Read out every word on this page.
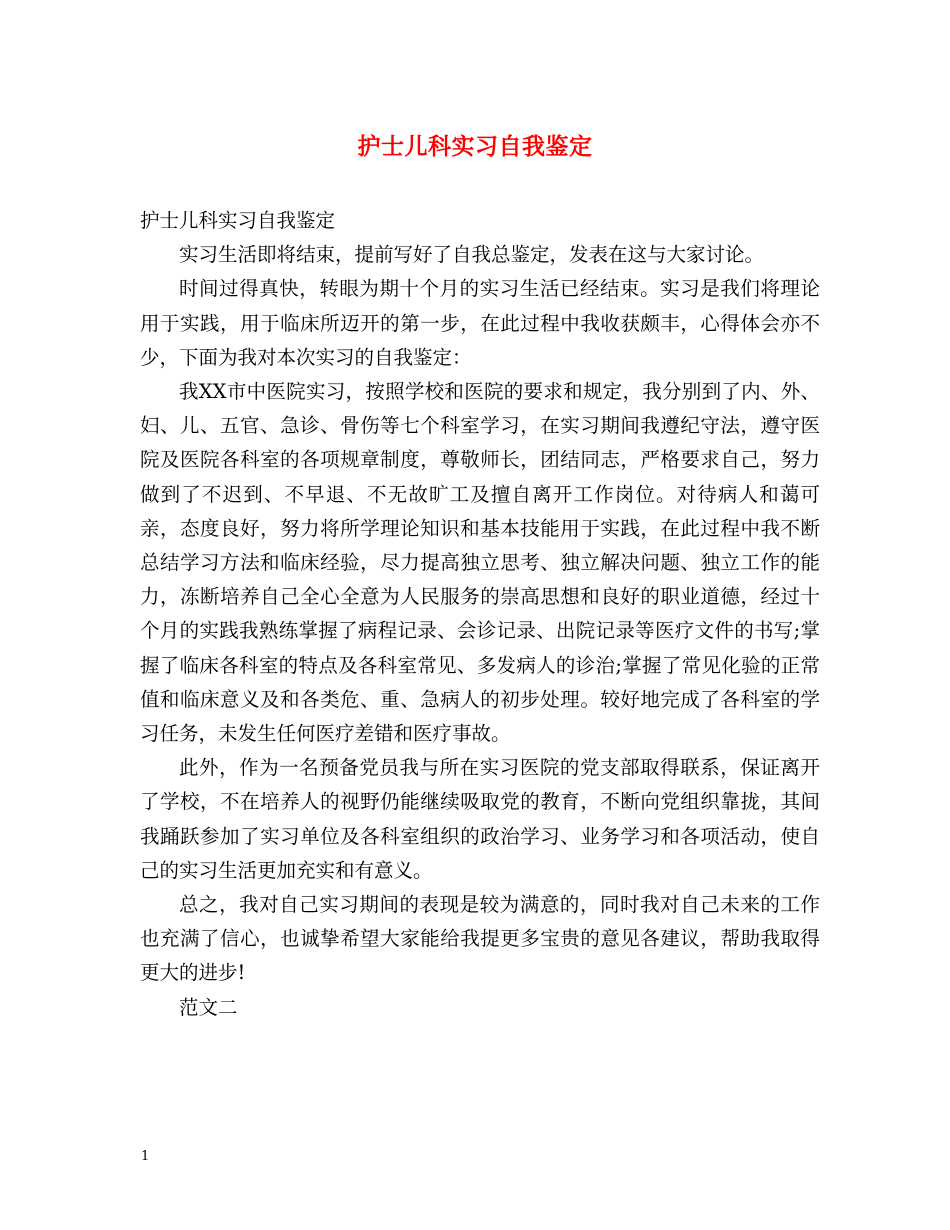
护士儿科实习自我鉴定

护士儿科实习自我鉴定

实习生活即将结束，提前写好了自我总鉴定，发表在这与大家讨论。

时间过得真快，转眼为期十个月的实习生活已经结束。实习是我们将理论用于实践，用于临床所迈开的第一步，在此过程中我收获颇丰，心得体会亦不少，下面为我对本次实习的自我鉴定：

我XX市中医院实习，按照学校和医院的要求和规定，我分别到了内、外、妇、儿、五官、急诊、骨伤等七个科室学习，在实习期间我遵纪守法，遵守医院及医院各科室的各项规章制度，尊敬师长，团结同志，严格要求自己，努力做到了不迟到、不早退、不无故旷工及擅自离开工作岗位。对待病人和蔼可亲，态度良好，努力将所学理论知识和基本技能用于实践，在此过程中我不断总结学习方法和临床经验，尽力提高独立思考、独立解决问题、独立工作的能力，冻断培养自己全心全意为人民服务的崇高思想和良好的职业道德，经过十个月的实践我熟练掌握了病程记录、会诊记录、出院记录等医疗文件的书写;掌握了临床各科室的特点及各科室常见、多发病人的诊治;掌握了常见化验的正常值和临床意义及和各类危、重、急病人的初步处理。较好地完成了各科室的学习任务，未发生任何医疗差错和医疗事故。

此外，作为一名预备党员我与所在实习医院的党支部取得联系，保证离开了学校，不在培养人的视野仍能继续吸取党的教育，不断向党组织靠拢，其间我踊跃参加了实习单位及各科室组织的政治学习、业务学习和各项活动，使自己的实习生活更加充实和有意义。

总之，我对自己实习期间的表现是较为满意的，同时我对自己未来的工作也充满了信心，也诚挚希望大家能给我提更多宝贵的意见各建议，帮助我取得更大的进步!

范文二

1
